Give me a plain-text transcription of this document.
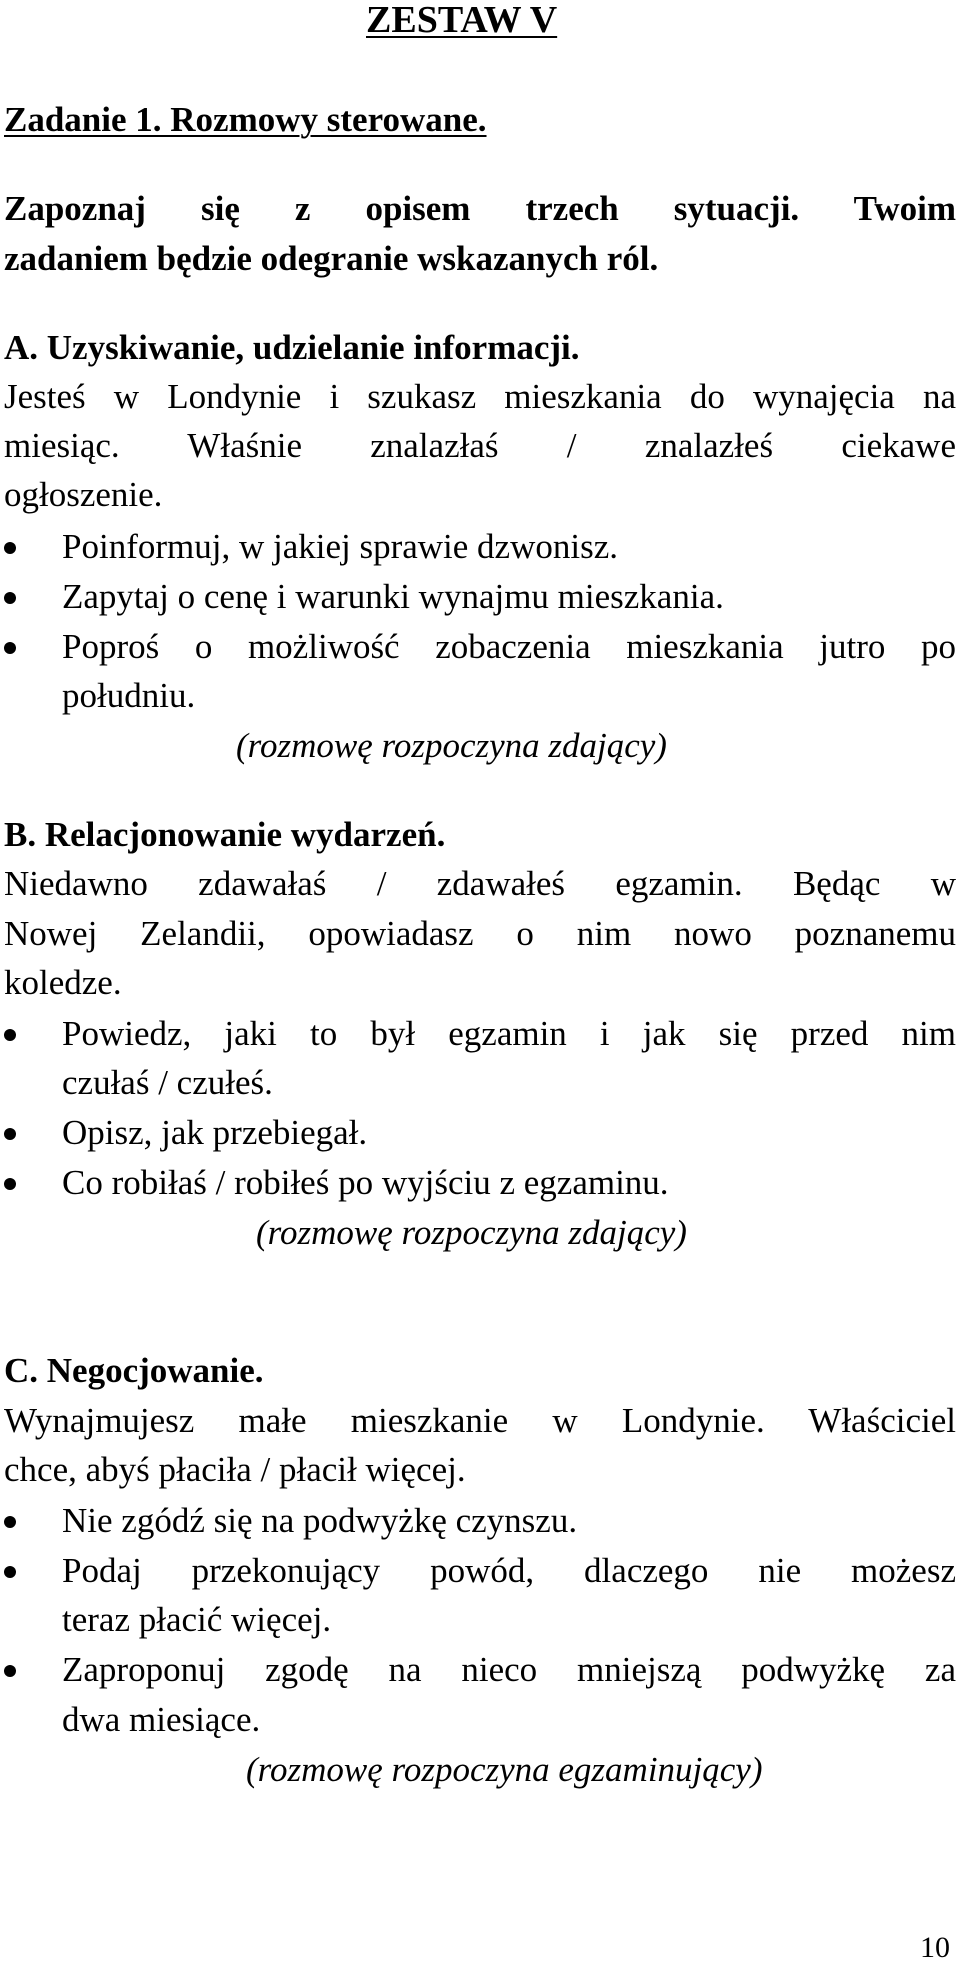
ZESTAW V
Zadanie 1. Rozmowy sterowane.
Zapoznaj się z opisem trzech sytuacji. Twoim
zadaniem będzie odegranie wskazanych ról.
A. Uzyskiwanie, udzielanie informacji.
Jesteś w Londynie i szukasz mieszkania do wynajęcia na
miesiąc. Właśnie znalazłaś / znalazłeś ciekawe
ogłoszenie.
Poinformuj, w jakiej sprawie dzwonisz.
Zapytaj o cenę i warunki wynajmu mieszkania.
Poproś o możliwość zobaczenia mieszkania jutro po
południu.
(rozmowę rozpoczyna zdający)
B. Relacjonowanie wydarzeń.
Niedawno zdawałaś / zdawałeś egzamin. Będąc w
Nowej Zelandii, opowiadasz o nim nowo poznanemu
koledze.
Powiedz, jaki to był egzamin i jak się przed nim
czułaś / czułeś.
Opisz, jak przebiegał.
Co robiłaś / robiłeś po wyjściu z egzaminu.
(rozmowę rozpoczyna zdający)
C. Negocjowanie.
Wynajmujesz małe mieszkanie w Londynie. Właściciel
chce, abyś płaciła / płacił więcej.
Nie zgódź się na podwyżkę czynszu.
Podaj przekonujący powód, dlaczego nie możesz
teraz płacić więcej.
Zaproponuj zgodę na nieco mniejszą podwyżkę za
dwa miesiące.
(rozmowę rozpoczyna egzaminujący)
10
